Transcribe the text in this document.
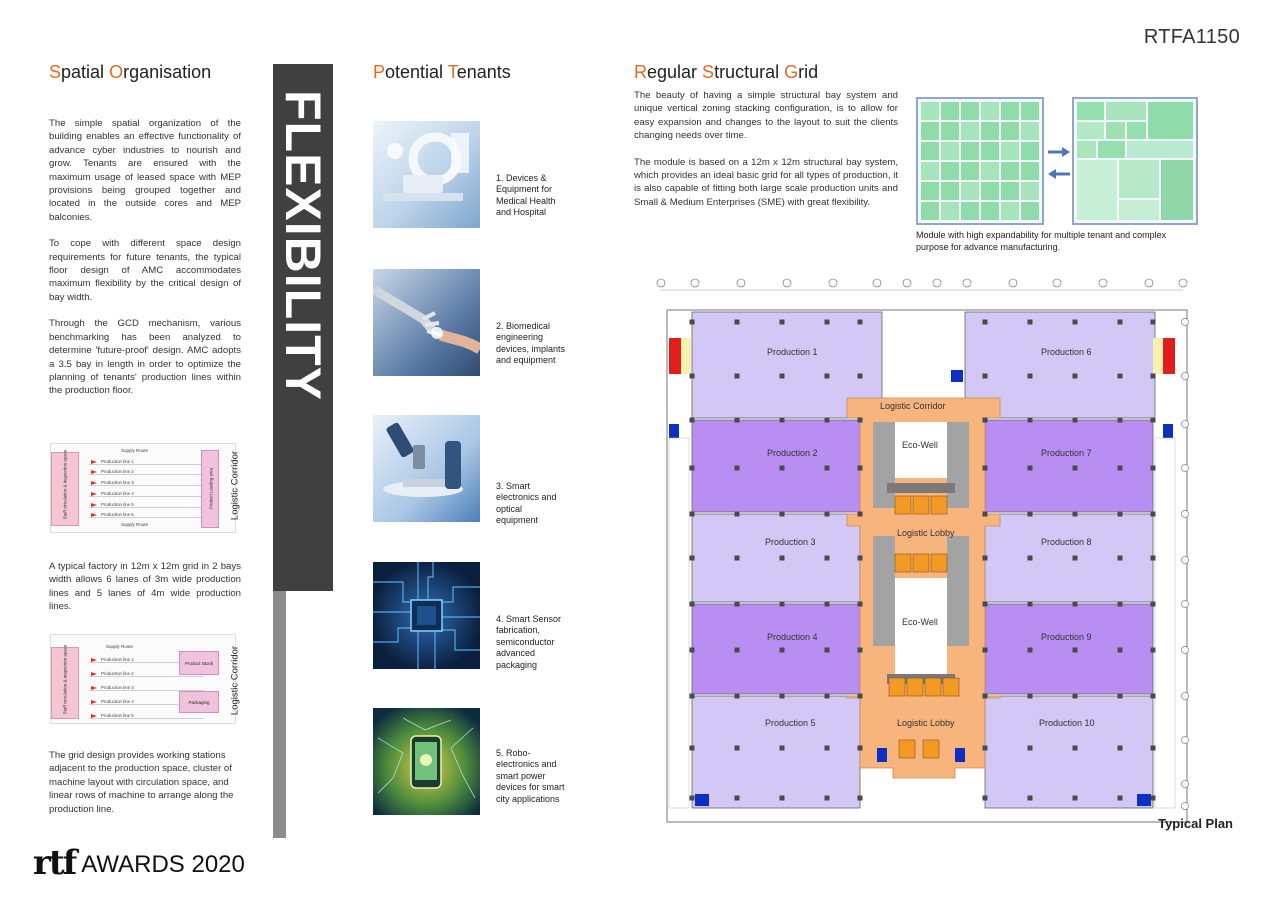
RTFA1150
Spatial Organisation

The simple spatial organization of the building enables an effective functionality of advance cyber industries to nourish and grow. Tenants are ensured with the maximum usage of leased space with MEP provisions being grouped together and located in the outside cores and MEP balconies.

To cope with different space design requirements for future tenants, the typical floor design of AMC accommodates maximum flexibility by the critical design of bay width.

Through the GCD mechanism, various benchmarking has been analyzed to determine 'future-proof' design. AMC adopts a 3.5 bay in length in order to optimize the planning of tenants' production lines within the production floor.

Staff circulation & inspection space	Supply Route
Production line 1
Production line 2
Production line 3
Production line 4
Production line 5
Production line 6
Supply Route
Product Loading area Logistic Corridor

A typical factory in 12m x 12m grid in 2 bays width allows 6 lanes of 3m wide production lines and 5 lanes of 4m wide production lines.

Staff circulation & inspection space	Supply Route
Production line 1
Production line 2
Production line 3
Production line 4
Production line 5
Product Stock
Packaging	Logistic Corridor

The grid design provides working stations adjacent to the production space, cluster of machine layout with circulation space, and linear rows of machine to arrange along the production line.

FLEXIBILITY
Potential Tenants
1. Devices & Equipment for Medical Health and Hospital
2. Biomedical engineering devices, implants and equipment
3. Smart electronics and optical equipment
4. Smart Sensor fabrication, semiconductor advanced packaging
5. Robo-electronics and smart power devices for smart city applications
Regular Structural Grid

The beauty of having a simple structural bay system and unique vertical zoning stacking configuration, is to allow for easy expansion and changes to the layout to suit the clients changing needs over time.

The module is based on a 12m x 12m structural bay system, which provides an ideal basic grid for all types of production, it is also capable of fitting both large scale production units and Small & Medium Enterprises (SME) with great flexibility.

Module with high expandability for multiple tenant and complex purpose for advance manufacturing.
Production 1
Production 2
Production 3
Production 4
Production 5
Production 6
Production 7
Production 8
Production 9
Production 10
Logistic Corridor
Logistic Lobby
Logistic Lobby
Eco-Well
Eco-Well
Typical Plan
rtf AWARDS 2020
